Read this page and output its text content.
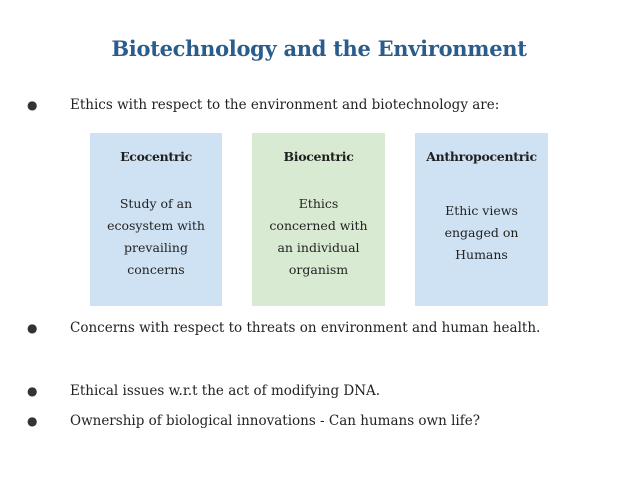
Biotechnology and the Environment
●	Ethics with respect to the environment and biotechnology are:
Ecocentric
Study of an
ecosystem with
prevailing
concerns
Biocentric
Ethics
concerned with
an individual
organism
Anthropocentric
Ethic views
engaged on
Humans
●	Concerns with respect to threats on environment and human health.
●	Ethical issues w.r.t the act of modifying DNA.
●	Ownership of biological innovations - Can humans own life?
